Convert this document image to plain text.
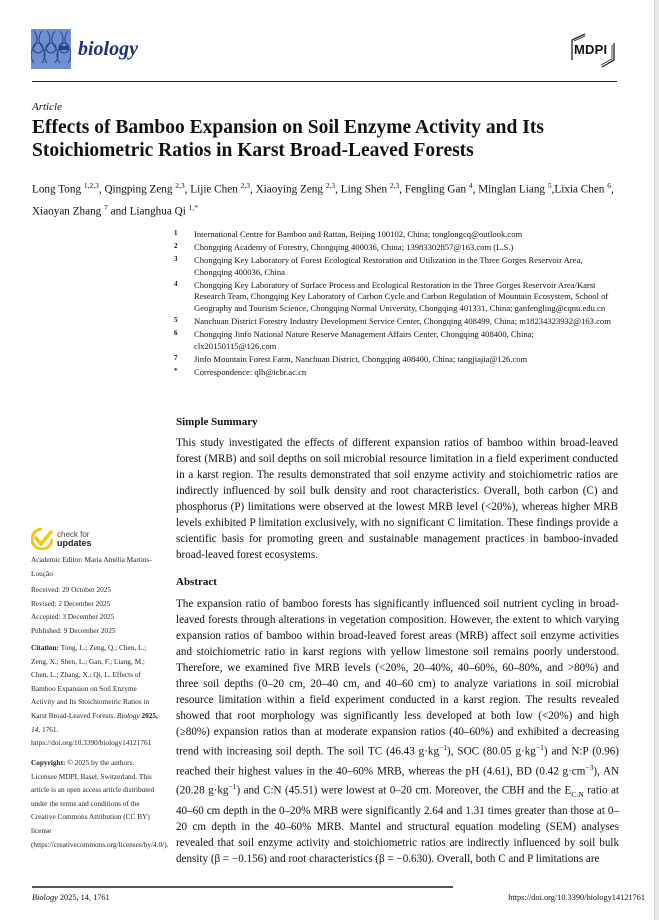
biology	MDPI
Article
Effects of Bamboo Expansion on Soil Enzyme Activity and Its Stoichiometric Ratios in Karst Broad-Leaved Forests
Long Tong $^{1,2,3}$, Qingping Zeng $^{2,3}$, Lijie Chen $^{2,3}$, Xiaoying Zeng $^{2,3}$, Ling Shen $^{2,3}$, Fengling Gan $^4$, Minglan Liang $^5$,Lixia Chen $^6$, Xiaoyan Zhang $^7$ and Lianghua Qi $^{1,*}$
1 International Centre for Bamboo and Rattan, Beijing 100102, China; tonglongcq@outlook.com
2 Chongqing Academy of Forestry, Chongqing 400036, China; 13983302857@163.com (L.S.)
3 Chongqing Key Laboratory of Forest Ecological Restoration and Utilization in the Three Gorges Reservoir Area, Chongqing 400036, China
4 Chongqing Key Laboratory of Surface Process and Ecological Restoration in the Three Gorges Reservoir Area/Karst Research Team, Chongqing Key Laboratory of Carbon Cycle and Carbon Regulation of Mountain Ecosystem, School of Geography and Tourism Science, Chongqing Normal University, Chongqing 401331, China; ganfengling@cqnu.edu.cn
5 Nanchuan District Forestry Industry Development Service Center, Chongqing 408499, China; m18234323932@163.com
6 Chongqing Jinfo National Nature Reserve Management Affairs Center, Chongqing 408400, China; clx20150115@126.com
7 Jinfo Mountain Forest Farm, Nanchuan District, Chongqing 408400, China; tangjiajia@126.com
* Correspondence: qlh@icbr.ac.cn
Simple Summary
This study investigated the effects of different expansion ratios of bamboo within broad-leaved forest (MRB) and soil depths on soil microbial resource limitation in a field experiment conducted in a karst region. The results demonstrated that soil enzyme activity and stoichiometric ratios are indirectly influenced by soil bulk density and root characteristics. Overall, both carbon (C) and phosphorus (P) limitations were observed at the lowest MRB level (<20%), whereas higher MRB levels exhibited P limitation exclusively, with no significant C limitation. These findings provide a scientific basis for promoting green and sustainable management practices in bamboo-invaded broad-leaved forest ecosystems.
Abstract
The expansion ratio of bamboo forests has significantly influenced soil nutrient cycling in broad-leaved forests through alterations in vegetation composition. However, the extent to which varying expansion ratios of bamboo within broad-leaved forest areas (MRB) affect soil enzyme activities and stoichiometric ratio in karst regions with yellow limestone soil remains poorly understood. Therefore, we examined five MRB levels (<20%, 20–40%, 40–60%, 60–80%, and >80%) and three soil depths (0–20 cm, 20–40 cm, and 40–60 cm) to analyze variations in soil microbial resource limitation within a field experiment conducted in a karst region. The results revealed showed that root morphology was significantly less developed at both low (<20%) and high (≥80%) expansion ratios than at moderate expansion ratios (40–60%) and exhibited a decreasing trend with increasing soil depth. The soil TC (46.43 $g\cdot kg^{-1}$), SOC (80.05 $g\cdot kg^{-1}$) and N:P (0.96) reached their highest values in the 40–60% MRB, whereas the pH (4.61), BD (0.42 $g\cdot cm^{-3}$), AN (20.28 $g\cdot kg^{-1}$) and C:N (45.51) were lowest at 0–20 cm. Moreover, the CBH and the $E_{C:N}$ ratio at 40–60 cm depth in the 0–20% MRB were significantly 2.64 and 1.31 times greater than those at 0–20 cm depth in the 40–60% MRB. Mantel and structural equation modeling (SEM) analyses revealed that soil enzyme activity and stoichiometric ratios are indirectly influenced by soil bulk density (β = −0.156) and root characteristics (β = −0.630). Overall, both C and P limitations are
check for
updates
Academic Editor: Maria Amélia Martins-Loução
Received: 29 October 2025
Revised: 2 December 2025
Accepted: 3 December 2025
Published: 9 December 2025
Citation: Tong, L.; Zeng, Q.; Chen, L.; Zeng, X.; Shen, L.; Gan, F.; Liang, M.; Chen, L.; Zhang, X.; Qi, L. Effects of Bamboo Expansion on Soil Enzyme Activity and Its Stoichiometric Ratios in Karst Broad-Leaved Forests. Biology 2025, 14, 1761. https://doi.org/10.3390/biology14121761
Copyright: © 2025 by the authors. Licensee MDPI, Basel, Switzerland. This article is an open access article distributed under the terms and conditions of the Creative Commons Attribution (CC BY) license (https://creativecommons.org/licenses/by/4.0/).
Biology 2025, 14, 1761	https://doi.org/10.3390/biology14121761
